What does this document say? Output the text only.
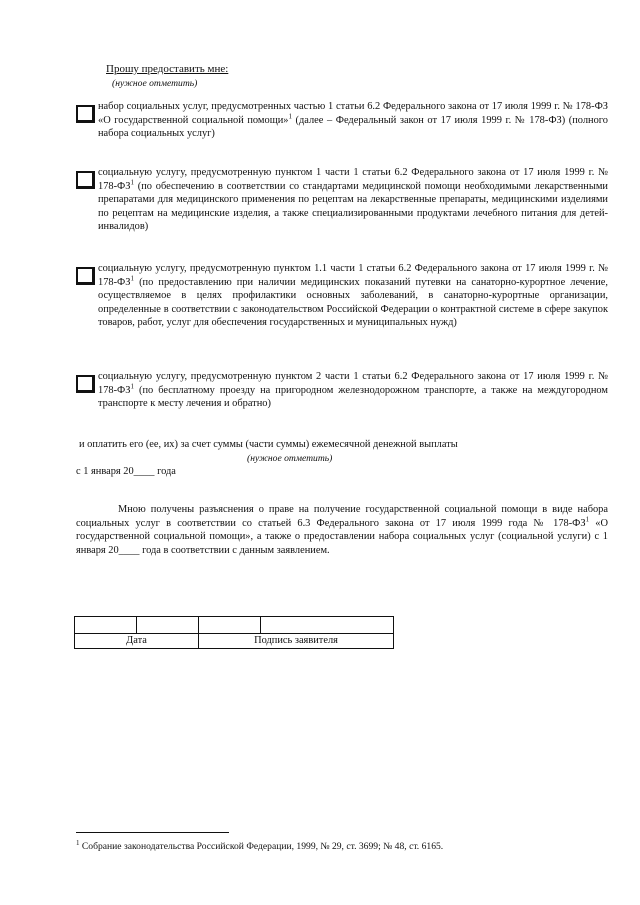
Прошу предоставить мне:
(нужное отметить)
набор социальных услуг, предусмотренных частью 1 статьи 6.2 Федерального закона от 17 июля 1999 г. № 178-ФЗ «О государственной социальной помощи»$^1$ (далее – Федеральный закон от 17 июля 1999 г. № 178-ФЗ) (полного набора социальных услуг)
социальную услугу, предусмотренную пунктом 1 части 1 статьи 6.2 Федерального закона от 17 июля 1999 г. № $178-ФЗ^1$ (по обеспечению в соответствии со стандартами медицинской помощи необходимыми лекарственными препаратами для медицинского применения по рецептам на лекарственные препараты, медицинскими изделиями по рецептам на медицинские изделия, а также специализированными продуктами лечебного питания для детей-инвалидов)
социальную услугу, предусмотренную пунктом 1.1 части 1 статьи 6.2 Федерального закона от 17 июля 1999 г. № $178-ФЗ^1$ (по предоставлению при наличии медицинских показаний путевки на санаторно-курортное лечение, осуществляемое в целях профилактики основных заболеваний, в санаторно-курортные организации, определенные в соответствии с законодательством Российской Федерации о контрактной системе в сфере закупок товаров, работ, услуг для обеспечения государственных и муниципальных нужд)
социальную услугу, предусмотренную пунктом 2 части 1 статьи 6.2 Федерального закона от 17 июля 1999 г. № $178-ФЗ^1$ (по бесплатному проезду на пригородном железнодорожном транспорте, а также на междугородном транспорте к месту лечения и обратно)
и оплатить его (ее, их) за счет суммы (части суммы) ежемесячной денежной выплаты
(нужное отметить)
с 1 января 20____ года
Мною получены разъяснения о праве на получение государственной социальной помощи в виде набора социальных услуг в соответствии со статьей 6.3 Федерального закона от 17 июля 1999 года № $178-ФЗ^1$ «О государственной социальной помощи», а также о предоставлении набора социальных услуг (социальной услуги) с 1 января 20____ года в соответствии с данным заявлением.

Дата		Подпись заявителя	
$^1$ Собрание законодательства Российской Федерации, 1999, № 29, ст. 3699; № 48, ст. 6165.
